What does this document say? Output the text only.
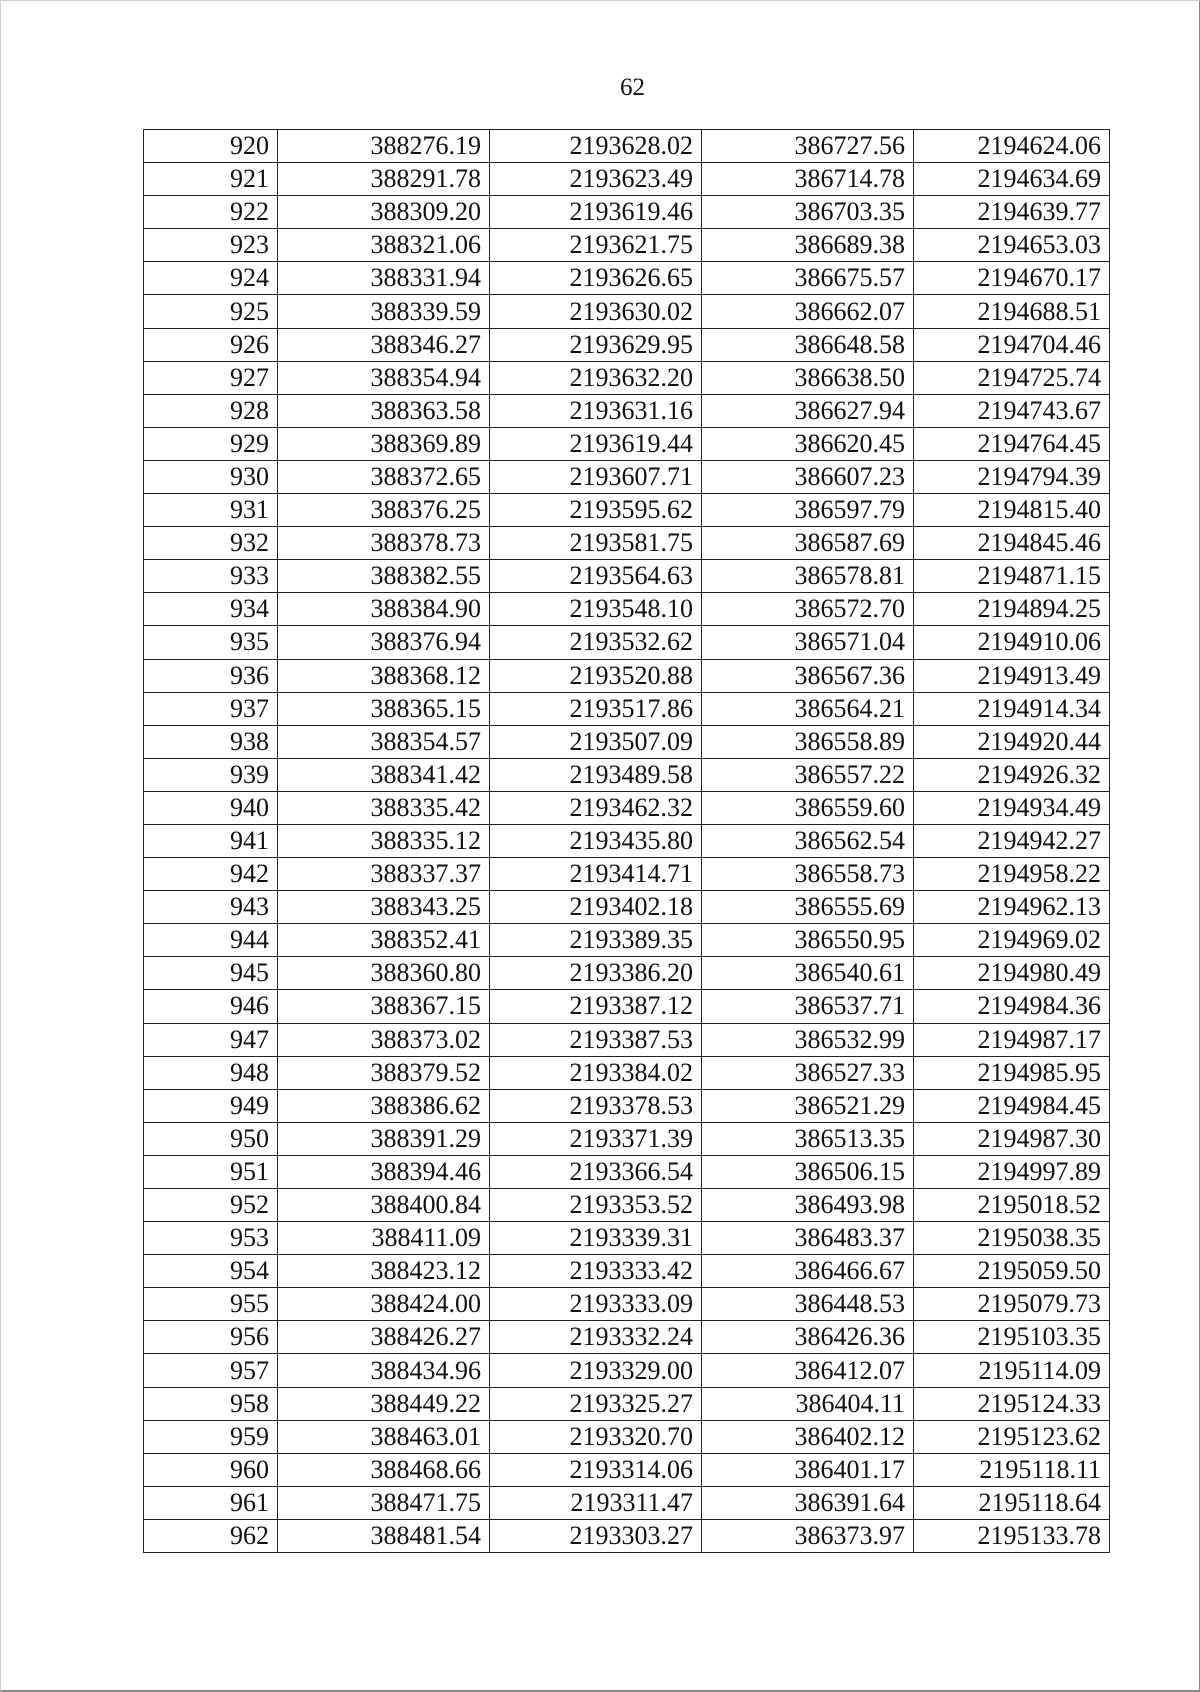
62
920	388276.19	2193628.02	386727.56	2194624.06
921	388291.78	2193623.49	386714.78	2194634.69
922	388309.20	2193619.46	386703.35	2194639.77
923	388321.06	2193621.75	386689.38	2194653.03
924	388331.94	2193626.65	386675.57	2194670.17
925	388339.59	2193630.02	386662.07	2194688.51
926	388346.27	2193629.95	386648.58	2194704.46
927	388354.94	2193632.20	386638.50	2194725.74
928	388363.58	2193631.16	386627.94	2194743.67
929	388369.89	2193619.44	386620.45	2194764.45
930	388372.65	2193607.71	386607.23	2194794.39
931	388376.25	2193595.62	386597.79	2194815.40
932	388378.73	2193581.75	386587.69	2194845.46
933	388382.55	2193564.63	386578.81	2194871.15
934	388384.90	2193548.10	386572.70	2194894.25
935	388376.94	2193532.62	386571.04	2194910.06
936	388368.12	2193520.88	386567.36	2194913.49
937	388365.15	2193517.86	386564.21	2194914.34
938	388354.57	2193507.09	386558.89	2194920.44
939	388341.42	2193489.58	386557.22	2194926.32
940	388335.42	2193462.32	386559.60	2194934.49
941	388335.12	2193435.80	386562.54	2194942.27
942	388337.37	2193414.71	386558.73	2194958.22
943	388343.25	2193402.18	386555.69	2194962.13
944	388352.41	2193389.35	386550.95	2194969.02
945	388360.80	2193386.20	386540.61	2194980.49
946	388367.15	2193387.12	386537.71	2194984.36
947	388373.02	2193387.53	386532.99	2194987.17
948	388379.52	2193384.02	386527.33	2194985.95
949	388386.62	2193378.53	386521.29	2194984.45
950	388391.29	2193371.39	386513.35	2194987.30
951	388394.46	2193366.54	386506.15	2194997.89
952	388400.84	2193353.52	386493.98	2195018.52
953	388411.09	2193339.31	386483.37	2195038.35
954	388423.12	2193333.42	386466.67	2195059.50
955	388424.00	2193333.09	386448.53	2195079.73
956	388426.27	2193332.24	386426.36	2195103.35
957	388434.96	2193329.00	386412.07	2195114.09
958	388449.22	2193325.27	386404.11	2195124.33
959	388463.01	2193320.70	386402.12	2195123.62
960	388468.66	2193314.06	386401.17	2195118.11
961	388471.75	2193311.47	386391.64	2195118.64
962	388481.54	2193303.27	386373.97	2195133.78
